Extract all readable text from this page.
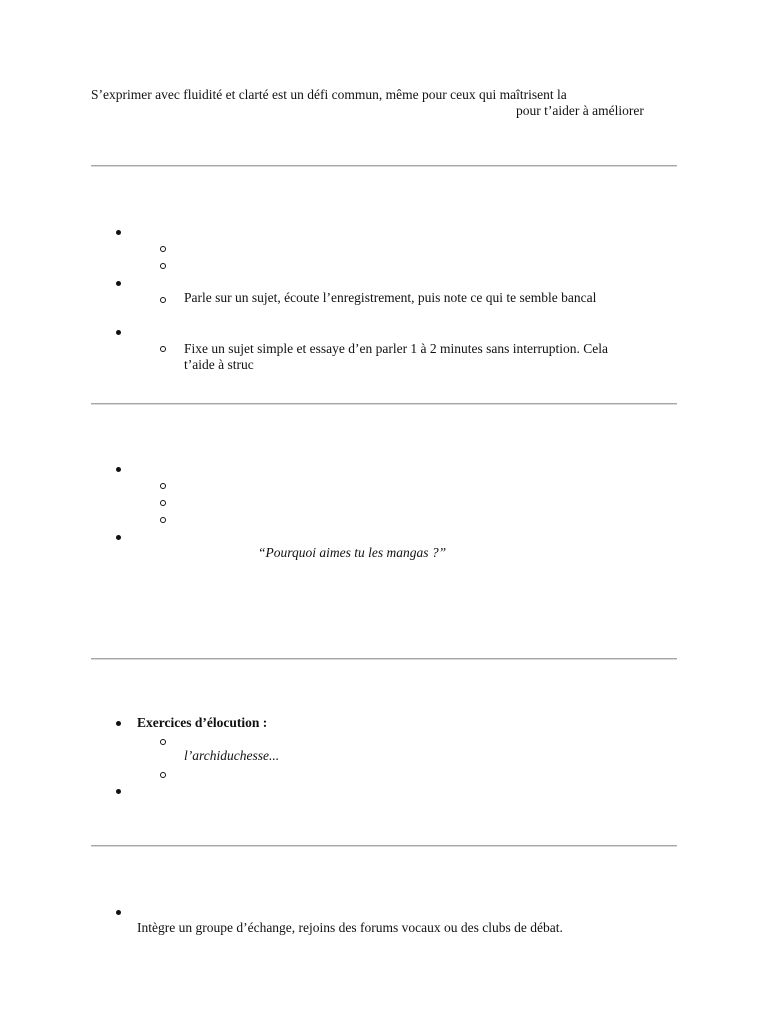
S’exprimer avec fluidité et clarté est un défi commun, même pour ceux qui maîtrisent la
pour t’aider à améliorer
Parle sur un sujet, écoute l’enregistrement, puis note ce qui te semble bancal
Fixe un sujet simple et essaye d’en parler 1 à 2 minutes sans interruption. Cela
t’aide à struc
“Pourquoi aimes tu les mangas ?”
Exercices d’élocution :
l’archiduchesse...
Intègre un groupe d’échange, rejoins des forums vocaux ou des clubs de débat.
